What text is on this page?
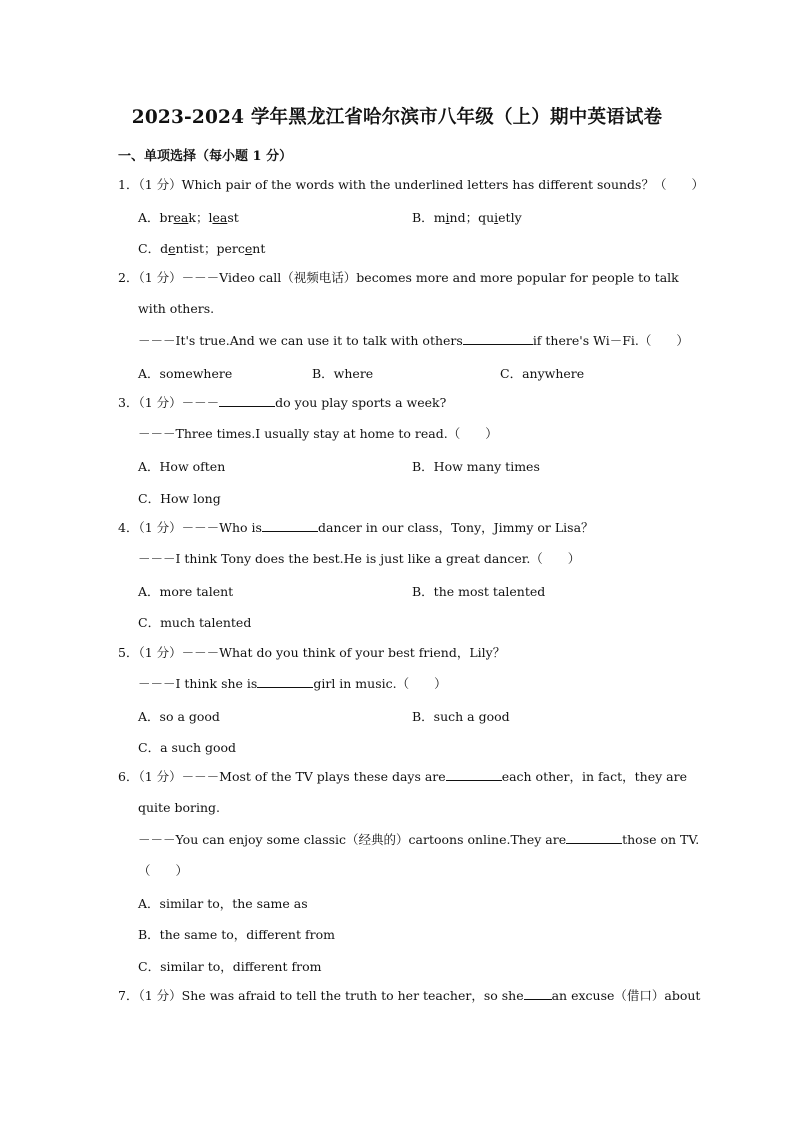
2023-2024 学年黑龙江省哈尔滨市八年级（上）期中英语试卷
一、单项选择（每小题 1 分）
1．（1 分）Which pair of the words with the underlined letters has different sounds？（　　）
A．break；least	B．mind；quietly
C．dentist；percent
2．（1 分）－－－Video call（视频电话）becomes more and more popular for people to talk
with others.
－－－It's true.And we can use it to talk with others	if there's Wi－Fi.（　　）
A．somewhere	B．where	C．anywhere
3．（1 分）－－－	do you play sports a week?
－－－Three times.I usually stay at home to read.（　　）
A．How often	B．How many times
C．How long
4．（1 分）－－－Who is	dancer in our class，Tony，Jimmy or Lisa？
－－－I think Tony does the best.He is just like a great dancer.（　　）
A．more talent	B．the most talented
C．much talented
5．（1 分）－－－What do you think of your best friend，Lily？
－－－I think she is	girl in music.（　　）
A．so a good	B．such a good
C．a such good
6．（1 分）－－－Most of the TV plays these days are	each other，in fact，they are
quite boring.
－－－You can enjoy some classic（经典的）cartoons online.They are	those on TV.
（　　）
A．similar to，the same as
B．the same to，different from
C．similar to，different from
7．（1 分）She was afraid to tell the truth to her teacher，so she an excuse（借口）about
